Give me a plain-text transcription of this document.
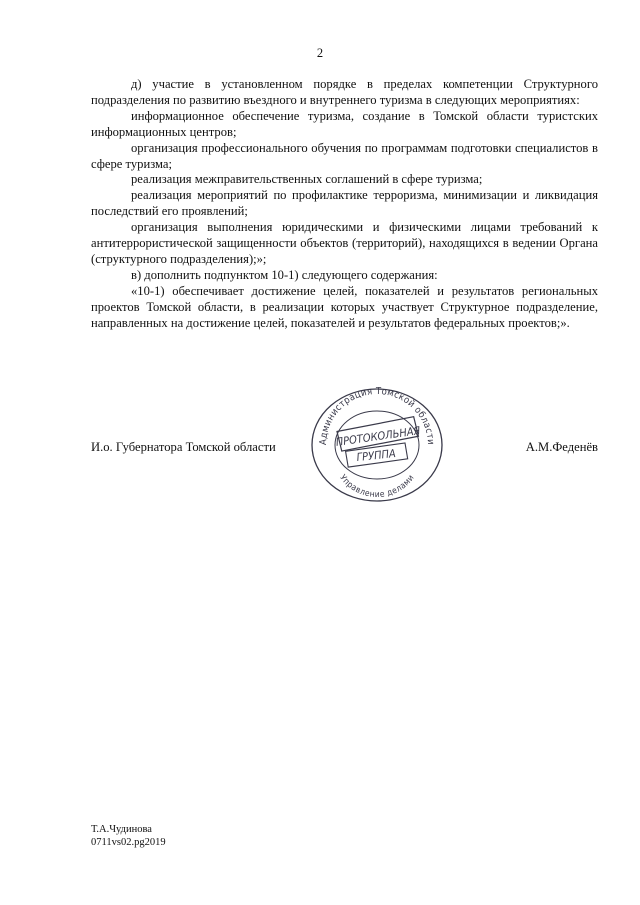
2

д) участие в установленном порядке в пределах компетенции Структурного подразделения по развитию въездного и внутреннего туризма в следующих мероприятиях:

информационное обеспечение туризма, создание в Томской области туристских информационных центров;

организация профессионального обучения по программам подготовки специалистов в сфере туризма;

реализация межправительственных соглашений в сфере туризма;

реализация мероприятий по профилактике терроризма, минимизации и ликвидация последствий его проявлений;

организация выполнения юридическими и физическими лицами требований к антитеррористической защищенности объектов (территорий), находящихся в ведении Органа (структурного подразделения);»;

в) дополнить подпунктом 10-1) следующего содержания:

«10-1) обеспечивает достижение целей, показателей и результатов региональных проектов Томской области, в реализации которых участвует Структурное подразделение, направленных на достижение целей, показателей и результатов федеральных проектов;».

И.о. Губернатора Томской области	А.М.Феденёв
Администрация Томской области
Управление делами
ПРОТОКОЛЬНАЯ
ГРУППА
Т.А.Чудинова
0711vs02.pg2019
